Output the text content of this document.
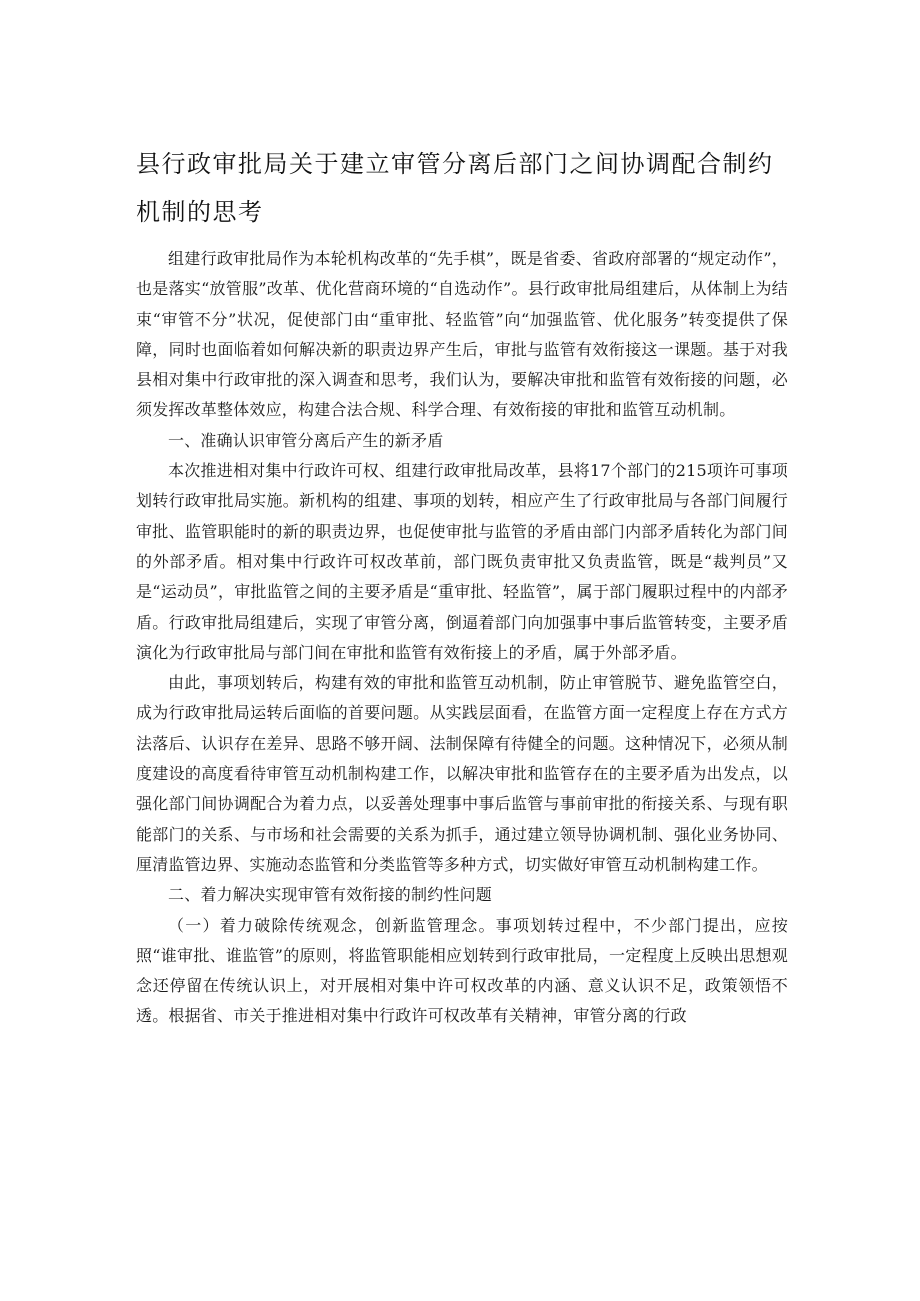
县行政审批局关于建立审管分离后部门之间协调配合制约机制的思考

组建行政审批局作为本轮机构改革的“先手棋”，既是省委、省政府部署的“规定动作”，也是落实“放管服”改革、优化营商环境的“自选动作”。县行政审批局组建后，从体制上为结束“审管不分”状况，促使部门由“重审批、轻监管”向“加强监管、优化服务”转变提供了保障，同时也面临着如何解决新的职责边界产生后，审批与监管有效衔接这一课题。基于对我县相对集中行政审批的深入调查和思考，我们认为，要解决审批和监管有效衔接的问题，必须发挥改革整体效应，构建合法合规、科学合理、有效衔接的审批和监管互动机制。

一、准确认识审管分离后产生的新矛盾

本次推进相对集中行政许可权、组建行政审批局改革，县将17个部门的215项许可事项划转行政审批局实施。新机构的组建、事项的划转，相应产生了行政审批局与各部门间履行审批、监管职能时的新的职责边界，也促使审批与监管的矛盾由部门内部矛盾转化为部门间的外部矛盾。相对集中行政许可权改革前，部门既负责审批又负责监管，既是“裁判员”又是“运动员”，审批监管之间的主要矛盾是“重审批、轻监管”，属于部门履职过程中的内部矛盾。行政审批局组建后，实现了审管分离，倒逼着部门向加强事中事后监管转变，主要矛盾演化为行政审批局与部门间在审批和监管有效衔接上的矛盾，属于外部矛盾。

由此，事项划转后，构建有效的审批和监管互动机制，防止审管脱节、避免监管空白，成为行政审批局运转后面临的首要问题。从实践层面看，在监管方面一定程度上存在方式方法落后、认识存在差异、思路不够开阔、法制保障有待健全的问题。这种情况下，必须从制度建设的高度看待审管互动机制构建工作，以解决审批和监管存在的主要矛盾为出发点，以强化部门间协调配合为着力点，以妥善处理事中事后监管与事前审批的衔接关系、与现有职能部门的关系、与市场和社会需要的关系为抓手，通过建立领导协调机制、强化业务协同、厘清监管边界、实施动态监管和分类监管等多种方式，切实做好审管互动机制构建工作。

二、着力解决实现审管有效衔接的制约性问题

（一）着力破除传统观念，创新监管理念。事项划转过程中，不少部门提出，应按照“谁审批、谁监管”的原则，将监管职能相应划转到行政审批局，一定程度上反映出思想观念还停留在传统认识上，对开展相对集中许可权改革的内涵、意义认识不足，政策领悟不透。根据省、市关于推进相对集中行政许可权改革有关精神，审管分离的行政
